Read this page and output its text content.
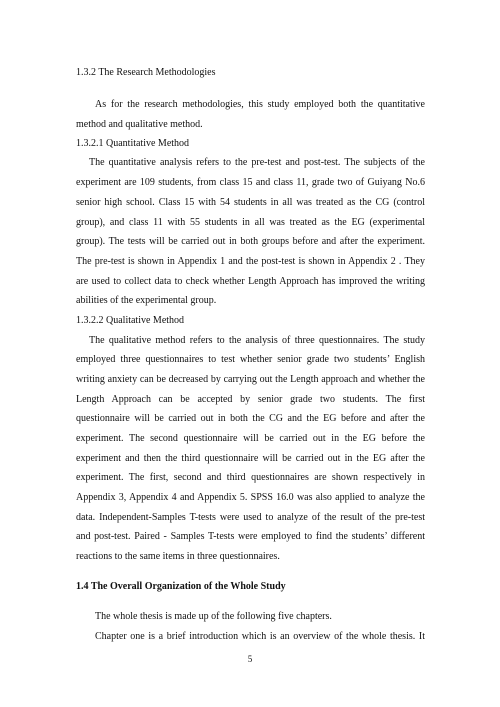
1.3.2 The Research Methodologies
As for the research methodologies, this study employed both the quantitative
method and qualitative method.
1.3.2.1 Quantitative Method
The quantitative analysis refers to the pre-test and post-test. The subjects of the
experiment are 109 students, from class 15 and class 11, grade two of Guiyang No.6
senior high school. Class 15 with 54 students in all was treated as the CG (control
group), and class 11 with 55 students in all was treated as the EG (experimental
group). The tests will be carried out in both groups before and after the experiment.
The pre-test is shown in Appendix 1 and the post-test is shown in Appendix 2 . They
are used to collect data to check whether Length Approach has improved the writing
abilities of the experimental group.
1.3.2.2 Qualitative Method
The qualitative method refers to the analysis of three questionnaires. The study
employed three questionnaires to test whether senior grade two students’ English
writing anxiety can be decreased by carrying out the Length approach and whether the
Length Approach can be accepted by senior grade two students. The first
questionnaire will be carried out in both the CG and the EG before and after the
experiment. The second questionnaire will be carried out in the EG before the
experiment and then the third questionnaire will be carried out in the EG after the
experiment. The first, second and third questionnaires are shown respectively in
Appendix 3, Appendix 4 and Appendix 5. SPSS 16.0 was also applied to analyze the
data. Independent-Samples T-tests were used to analyze of the result of the pre-test
and post-test. Paired - Samples T-tests were employed to find the students’ different
reactions to the same items in three questionnaires.
1.4 The Overall Organization of the Whole Study
The whole thesis is made up of the following five chapters.
Chapter one is a brief introduction which is an overview of the whole thesis. It
5
